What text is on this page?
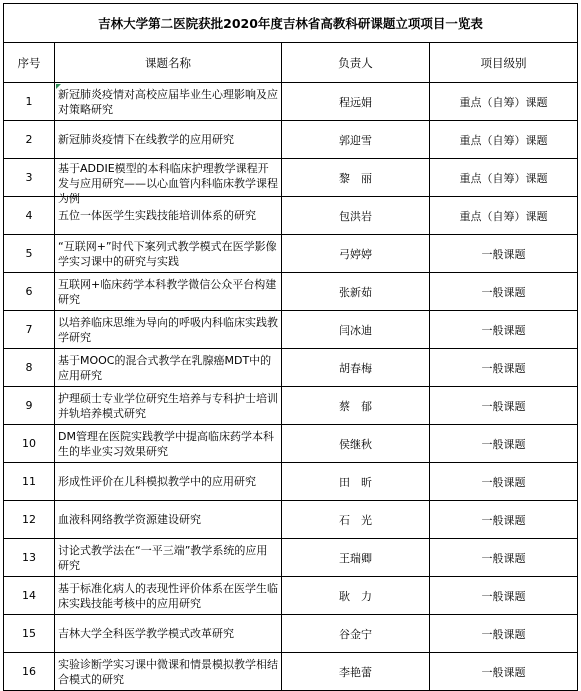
吉林大学第二医院获批2020年度吉林省高教科研课题立项项目一览表			
序号	课题名称	负责人	项目级别
1	新冠肺炎疫情对高校应届毕业生心理影响及应对策略研究	程远娟	重点（自筹）课题
2	新冠肺炎疫情下在线教学的应用研究	郭迎雪	重点（自筹）课题
3	基于ADDIE模型的本科临床护理教学课程开发与应用研究——以心血管内科临床教学课程为例	黎　丽	重点（自筹）课题
4	五位一体医学生实践技能培训体系的研究	包洪岩	重点（自筹）课题
5	“互联网+”时代下案列式教学模式在医学影像学实习课中的研究与实践	弓婷婷	一般课题
6	互联网+临床药学本科教学微信公众平台构建研究	张新茹	一般课题
7	以培养临床思维为导向的呼吸内科临床实践教学研究	闫冰迪	一般课题
8	基于MOOC的混合式教学在乳腺癌MDT中的应用研究	胡春梅	一般课题
9	护理硕士专业学位研究生培养与专科护士培训并轨培养模式研究	蔡　郁	一般课题
10	DM管理在医院实践教学中提高临床药学本科生的毕业实习效果研究	侯继秋	一般课题
11	形成性评价在儿科模拟教学中的应用研究	田　昕	一般课题
12	血液科网络教学资源建设研究	石　光	一般课题
13	讨论式教学法在“一平三端”教学系统的应用研究	王瑞卿	一般课题
14	基于标准化病人的表现性评价体系在医学生临床实践技能考核中的应用研究	耿　力	一般课题
15	吉林大学全科医学教学模式改革研究	谷金宁	一般课题
16	实验诊断学实习课中微课和情景模拟教学相结合模式的研究	李艳蕾	一般课题
